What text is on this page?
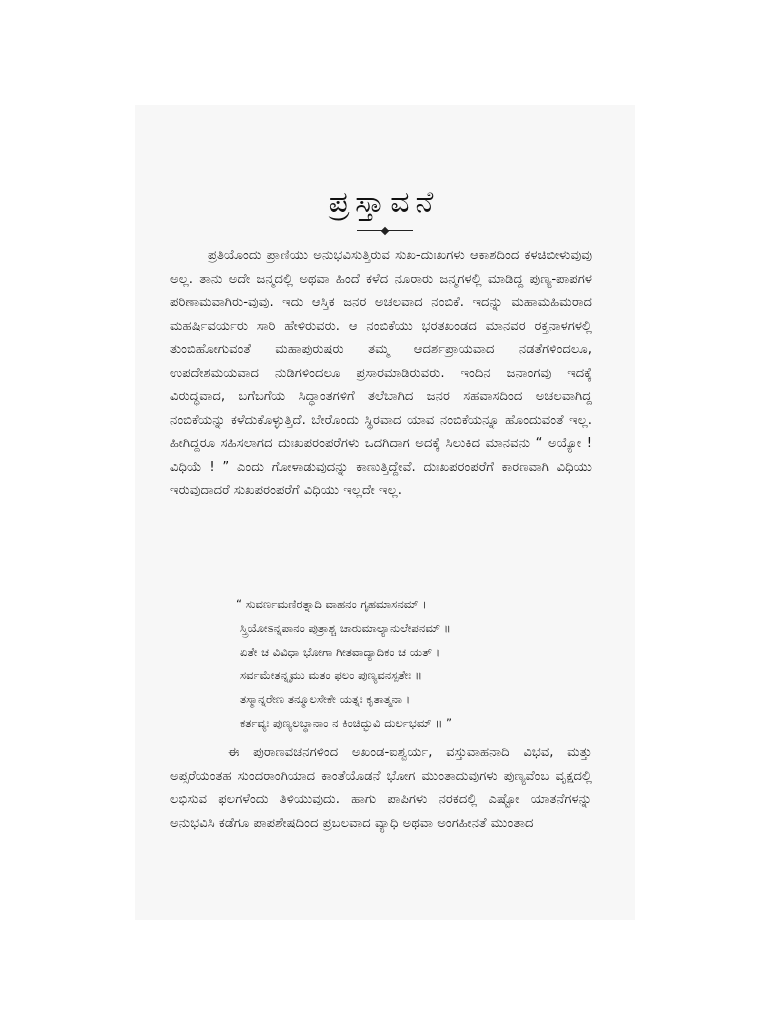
ಪ್ರಸ್ತಾವನೆ
ಪ್ರತಿಯೊಂದು ಪ್ರಾಣಿಯು ಅನುಭವಿಸುತ್ತಿರುವ ಸುಖ-ದುಃಖಗಳು ಆಕಾಶದಿಂದ ಕಳಚಿಬೀಳುವುವು ಅಲ್ಲ. ತಾನು ಅದೇ ಜನ್ಮದಲ್ಲಿ ಅಥವಾ ಹಿಂದೆ ಕಳೆದ ನೂರಾರು ಜನ್ಮಗಳಲ್ಲಿ ಮಾಡಿದ್ದ ಪುಣ್ಯ-ಪಾಪಗಳ ಪರಿಣಾಮವಾಗಿರು-ವುವು. ಇದು ಆಸ್ತಿಕ ಜನರ ಅಚಲವಾದ ನಂಬಿಕೆ. ಇದನ್ನು ಮಹಾಮಹಿಮರಾದ ಮಹರ್ಷಿವರ್ಯರು ಸಾರಿ ಹೇಳಿರುವರು. ಆ ನಂಬಿಕೆಯು ಭರತಖಂಡದ ಮಾನವರ ರಕ್ತನಾಳಗಳಲ್ಲಿ ತುಂಬಿಹೋಗುವಂತೆ ಮಹಾಪುರುಷರು ತಮ್ಮ ಆದರ್ಶಪ್ರಾಯವಾದ ನಡತೆಗಳಿಂದಲೂ, ಉಪದೇಶಮಯವಾದ ನುಡಿಗಳಿಂದಲೂ ಪ್ರಸಾರಮಾಡಿರುವರು. ಇಂದಿನ ಜನಾಂಗವು ಇದಕ್ಕೆ ವಿರುದ್ಧವಾದ, ಬಗೆಬಗೆಯ ಸಿದ್ಧಾಂತಗಳಿಗೆ ತಲೆಬಾಗಿದ ಜನರ ಸಹವಾಸದಿಂದ ಅಚಲವಾಗಿದ್ದ ನಂಬಿಕೆಯನ್ನು ಕಳೆದುಕೊಳ್ಳುತ್ತಿದೆ. ಬೇರೊಂದು ಸ್ಥಿರವಾದ ಯಾವ ನಂಬಿಕೆಯನ್ನೂ ಹೊಂದುವಂತೆ ಇಲ್ಲ. ಹೀಗಿದ್ದರೂ ಸಹಿಸಲಾಗದ ದುಃಖಪರಂಪರೆಗಳು ಒದಗಿದಾಗ ಅದಕ್ಕೆ ಸಿಲುಕಿದ ಮಾನವನು “ ಅಯ್ಯೋ ! ವಿಧಿಯೆ ! ” ಎಂದು ಗೋಳಾಡುವುದನ್ನು ಕಾಣುತ್ತಿದ್ದೇವೆ. ದುಃಖಪರಂಪರೆಗೆ ಕಾರಣವಾಗಿ ವಿಧಿಯು ಇರುವುದಾದರೆ ಸುಖಪರಂಪರೆಗೆ ವಿಧಿಯು ಇಲ್ಲದೇ ಇಲ್ಲ.
“ ಸುವರ್ಣಮಣಿರತ್ನಾದಿ ವಾಹನಂ ಗೃಹಮಾಸನಮ್ ।
ಸ್ತ್ರಿಯೋಽನ್ನಪಾನಂ ಪುತ್ರಾಶ್ಚ ಚಾರುಮಾಲ್ಯಾನುಲೇಪನಮ್ ॥
ಏತೇ ಚ ವಿವಿಧಾ ಭೋಗಾ ಗೀತವಾದ್ಯಾದಿಕಂ ಚ ಯತ್ ।
ಸರ್ವಮೇತನ್ನೃಮು ಮತಂ ಫಲಂ ಪುಣ್ಯವನಸ್ಪತೇಃ ॥
ತಸ್ಮಾನ್ನರೇಣ ತನ್ಮೂಲಸೇಕೇ ಯತ್ನಃ ಕೃತಾತ್ಮನಾ ।
ಕರ್ತವ್ಯಃ ಪುಣ್ಯಲಬ್ಧಾನಾಂ ನ ಕಿಂಚಿದ್ಭುವಿ ದುರ್ಲಭಮ್ ॥ ”
ಈ ಪುರಾಣವಚನಗಳಿಂದ ಅಖಂಡ-ಐಶ್ವರ್ಯ, ವಸ್ತುವಾಹನಾದಿ ವಿಭವ, ಮತ್ತು ಅಪ್ಸರೆಯಂತಹ ಸುಂದರಾಂಗಿಯಾದ ಕಾಂತೆಯೊಡನೆ ಭೋಗ ಮುಂತಾದುವುಗಳು ಪುಣ್ಯವೆಂಬ ವೃಕ್ಷದಲ್ಲಿ ಲಭಿಸುವ ಫಲಗಳೆಂದು ತಿಳಿಯುವುದು. ಹಾಗು ಪಾಪಿಗಳು ನರಕದಲ್ಲಿ ಎಷ್ಟೋ ಯಾತನೆಗಳನ್ನು ಅನುಭವಿಸಿ ಕಡೆಗೂ ಪಾಪಶೇಷದಿಂದ ಪ್ರಬಲವಾದ ವ್ಯಾಧಿ ಅಥವಾ ಅಂಗಹೀನತೆ ಮುಂತಾದ
